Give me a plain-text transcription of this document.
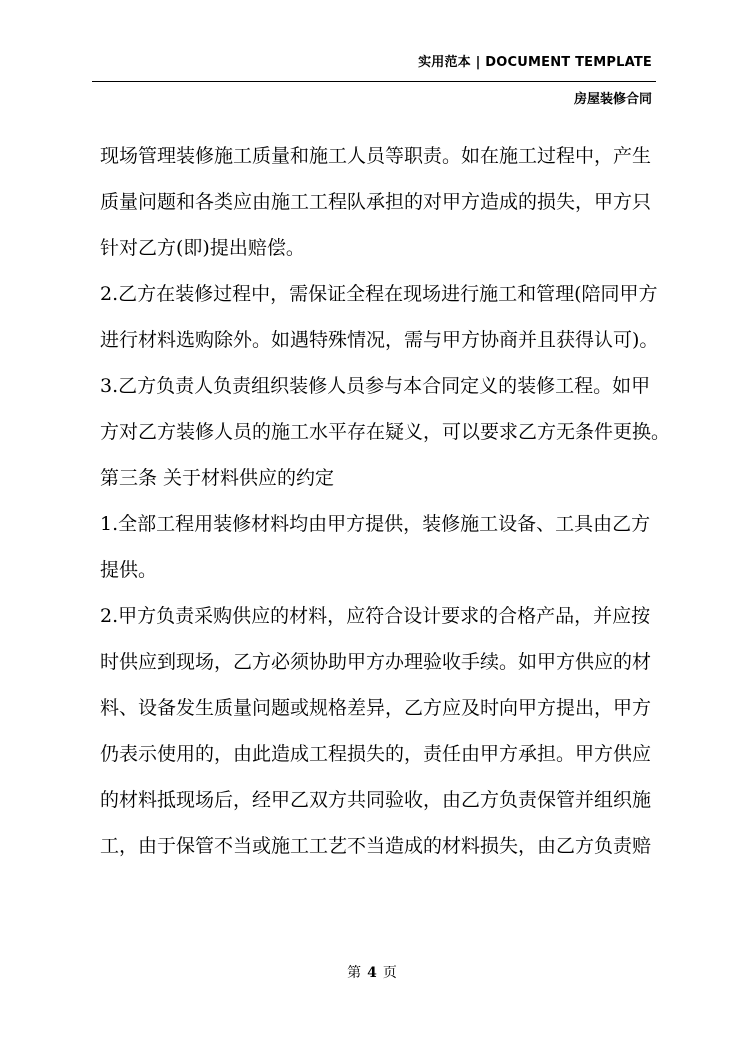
实用范本 | DOCUMENT TEMPLATE
房屋装修合同
现场管理装修施工质量和施工人员等职责。如在施工过程中，产生
质量问题和各类应由施工工程队承担的对甲方造成的损失，甲方只
针对乙方(即)提出赔偿。
2.乙方在装修过程中，需保证全程在现场进行施工和管理(陪同甲方
进行材料选购除外。如遇特殊情况，需与甲方协商并且获得认可)。
3.乙方负责人负责组织装修人员参与本合同定义的装修工程。如甲
方对乙方装修人员的施工水平存在疑义，可以要求乙方无条件更换。
第三条 关于材料供应的约定
1.全部工程用装修材料均由甲方提供，装修施工设备、工具由乙方
提供。
2.甲方负责采购供应的材料，应符合设计要求的合格产品，并应按
时供应到现场，乙方必须协助甲方办理验收手续。如甲方供应的材
料、设备发生质量问题或规格差异，乙方应及时向甲方提出，甲方
仍表示使用的，由此造成工程损失的，责任由甲方承担。甲方供应
的材料抵现场后，经甲乙双方共同验收，由乙方负责保管并组织施
工，由于保管不当或施工工艺不当造成的材料损失，由乙方负责赔
第 4 页
